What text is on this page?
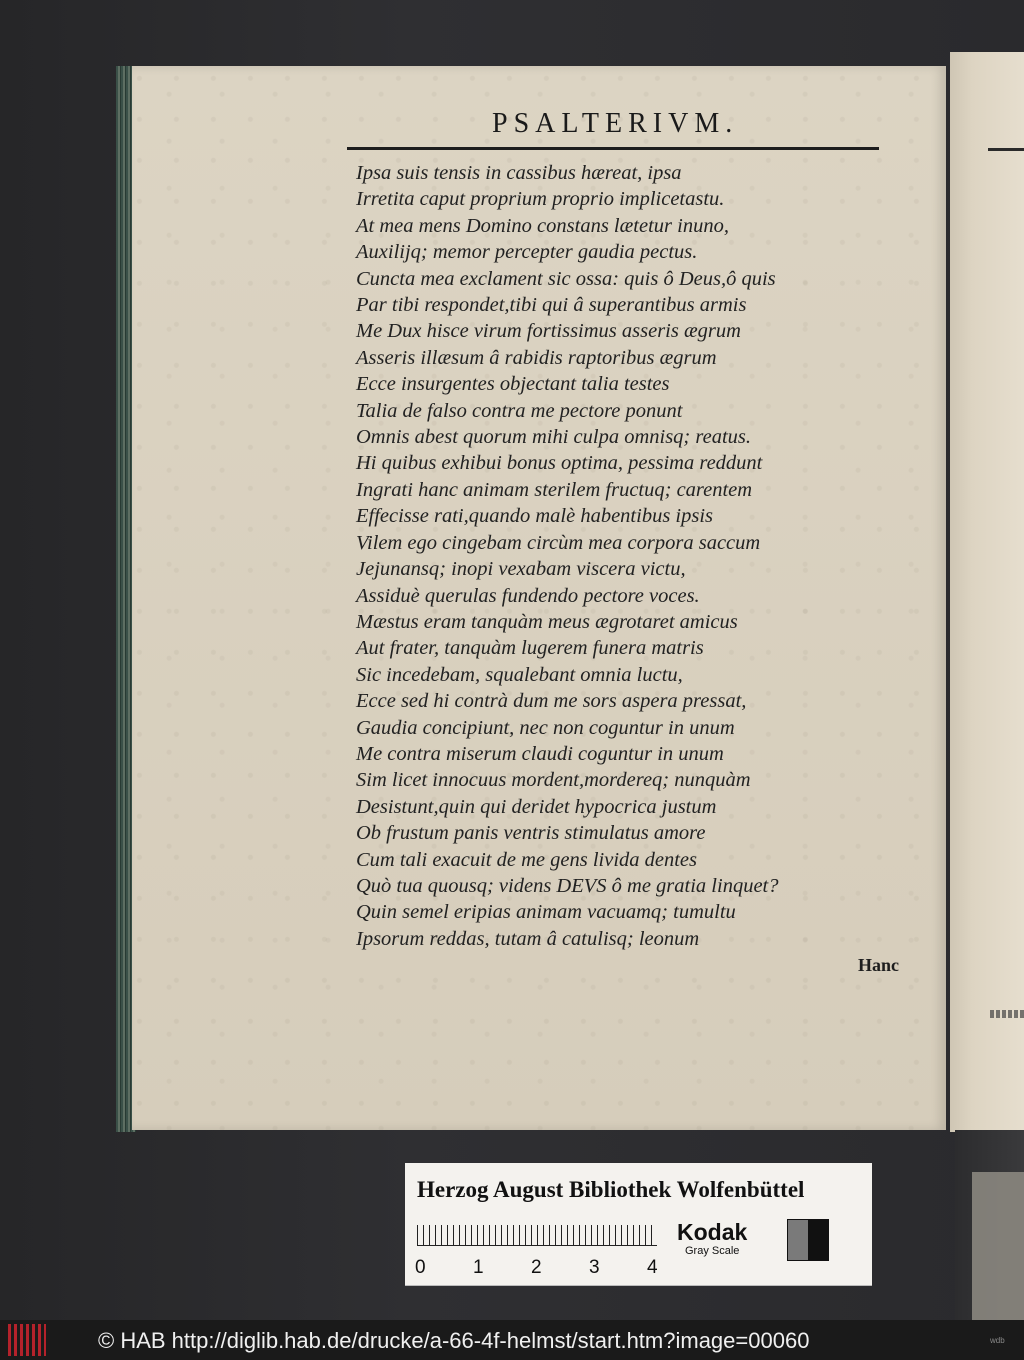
PSALTERIVM.
Ipsa suis tensis in cassibus hæreat, ipsa
Irretita caput proprium proprio implicetastu.
At mea mens Domino constans lætetur inuno,
Auxilijq; memor percepter gaudia pectus.
Cuncta mea exclament sic ossa: quis ô Deus,ô quis
Par tibi respondet,tibi qui â superantibus armis
Me Dux hisce virum fortissimus asseris ægrum
Asseris illæsum â rabidis raptoribus ægrum
Ecce insurgentes objectant talia testes
Talia de falso contra me pectore ponunt
Omnis abest quorum mihi culpa omnisq; reatus.
Hi quibus exhibui bonus optima, pessima reddunt
Ingrati hanc animam sterilem fructuq; carentem
Effecisse rati,quando malè habentibus ipsis
Vilem ego cingebam circùm mea corpora saccum
Jejunansq; inopi vexabam viscera victu,
Assiduè querulas fundendo pectore voces.
Mæstus eram tanquàm meus ægrotaret amicus
Aut frater, tanquàm lugerem funera matris
Sic incedebam, squalebant omnia luctu,
Ecce sed hi contrà dum me sors aspera pressat,
Gaudia concipiunt, nec non coguntur in unum
Me contra miserum claudi coguntur in unum
Sim licet innocuus mordent,mordereq; nunquàm
Desistunt,quin qui deridet hypocrica justum
Ob frustum panis ventris stimulatus amore
Cum tali exacuit de me gens livida dentes
Quò tua quousq; videns DEVS ô me gratia linquet?
Quin semel eripias animam vacuamq; tumultu
Ipsorum reddas, tutam â catulisq; leonum
Hanc
Herzog August Bibliothek Wolfenbüttel
0 1 2 3 4
Kodak
Gray Scale
© HAB http://diglib.hab.de/drucke/a-66-4f-helmst/start.htm?image=00060	wdb
